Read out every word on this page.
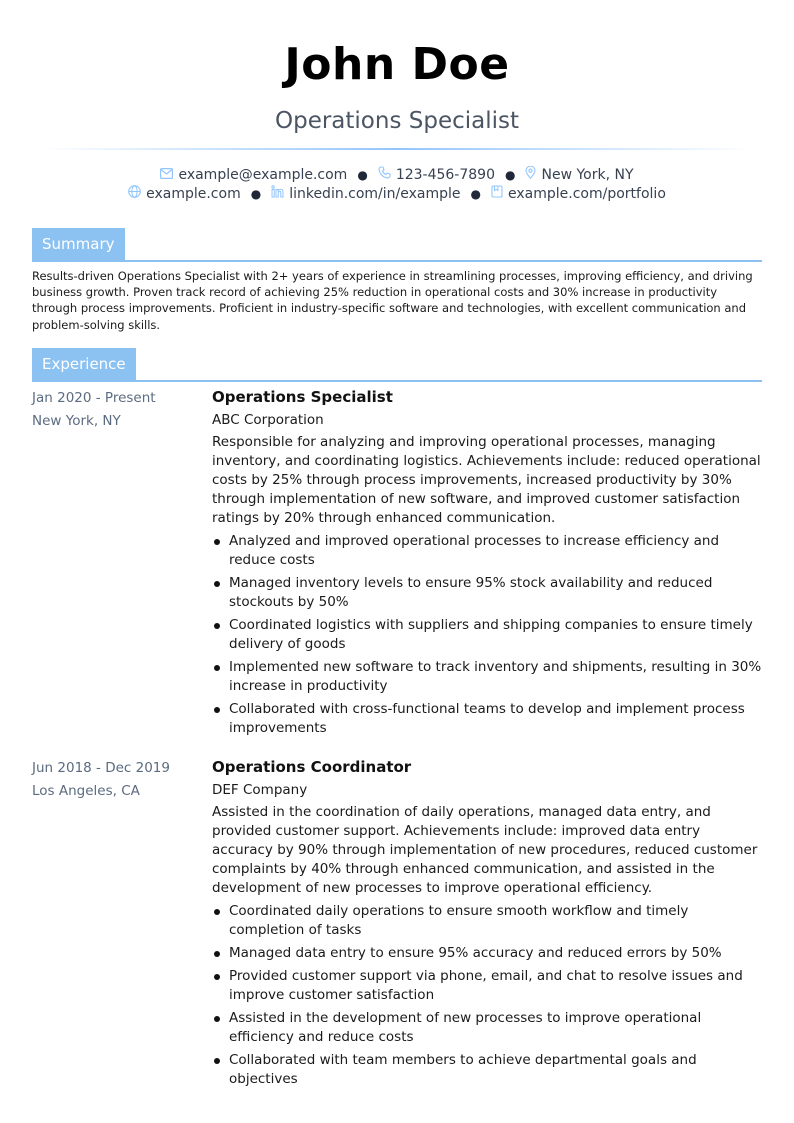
John Doe
Operations Specialist
example@example.com ● 123-456-7890 ● New York, NY
example.com ● linkedin.com/in/example ● example.com/portfolio
Summary
Results-driven Operations Specialist with 2+ years of experience in streamlining processes, improving efficiency, and driving business growth. Proven track record of achieving 25% reduction in operational costs and 30% increase in productivity through process improvements. Proficient in industry-specific software and technologies, with excellent communication and problem-solving skills.
Experience
Jan 2020 - Present
New York, NY
Operations Specialist
ABC Corporation
Responsible for analyzing and improving operational processes, managing inventory, and coordinating logistics. Achievements include: reduced operational costs by 25% through process improvements, increased productivity by 30% through implementation of new software, and improved customer satisfaction ratings by 20% through enhanced communication.
Analyzed and improved operational processes to increase efficiency and reduce costs
Managed inventory levels to ensure 95% stock availability and reduced stockouts by 50%
Coordinated logistics with suppliers and shipping companies to ensure timely delivery of goods
Implemented new software to track inventory and shipments, resulting in 30% increase in productivity
Collaborated with cross-functional teams to develop and implement process improvements
Jun 2018 - Dec 2019
Los Angeles, CA
Operations Coordinator
DEF Company
Assisted in the coordination of daily operations, managed data entry, and provided customer support. Achievements include: improved data entry accuracy by 90% through implementation of new procedures, reduced customer complaints by 40% through enhanced communication, and assisted in the development of new processes to improve operational efficiency.
Coordinated daily operations to ensure smooth workflow and timely completion of tasks
Managed data entry to ensure 95% accuracy and reduced errors by 50%
Provided customer support via phone, email, and chat to resolve issues and improve customer satisfaction
Assisted in the development of new processes to improve operational efficiency and reduce costs
Collaborated with team members to achieve departmental goals and objectives
